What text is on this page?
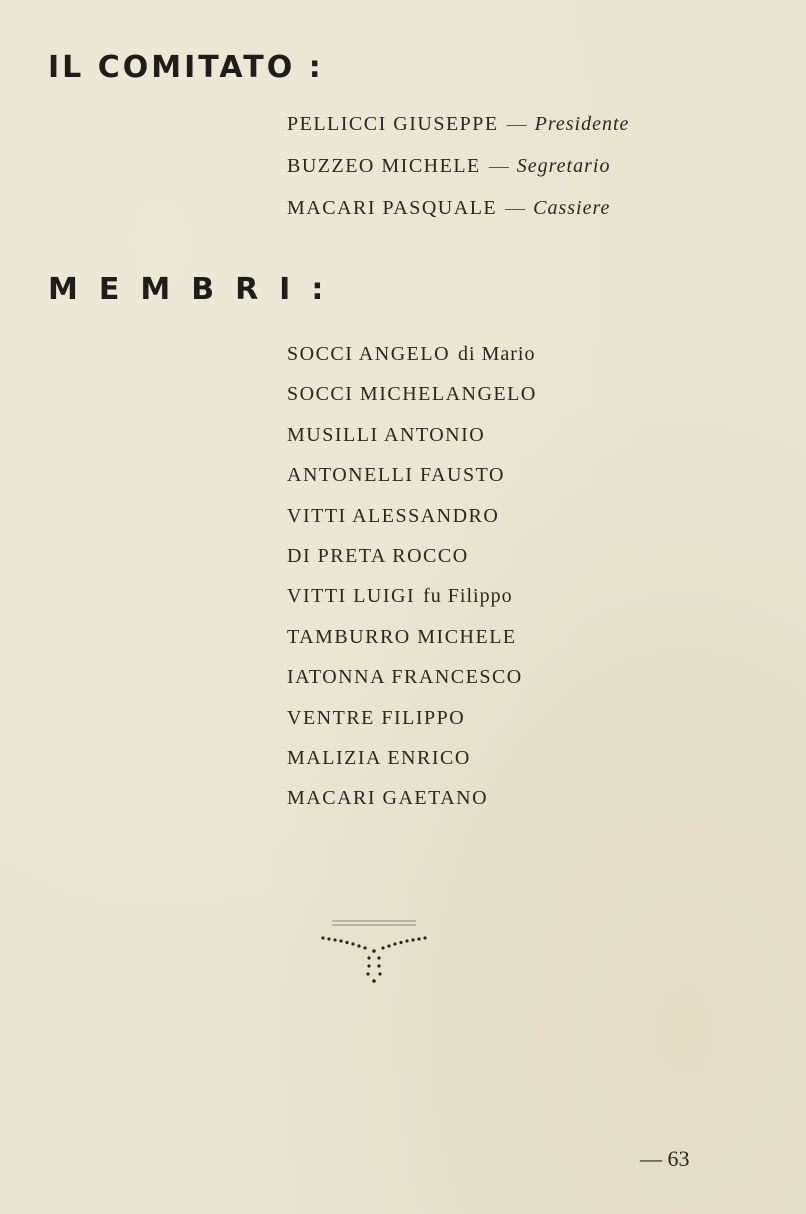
IL COMITATO :
PELLICCI GIUSEPPE — Presidente
BUZZEO MICHELE — Segretario
MACARI PASQUALE — Cassiere
MEMBRI:
SOCCI ANGELO di Mario
SOCCI MICHELANGELO
MUSILLI ANTONIO
ANTONELLI FAUSTO
VITTI ALESSANDRO
DI PRETA ROCCO
VITTI LUIGI fu Filippo
TAMBURRO MICHELE
IATONNA FRANCESCO
VENTRE FILIPPO
MALIZIA ENRICO
MACARI GAETANO
— 63
